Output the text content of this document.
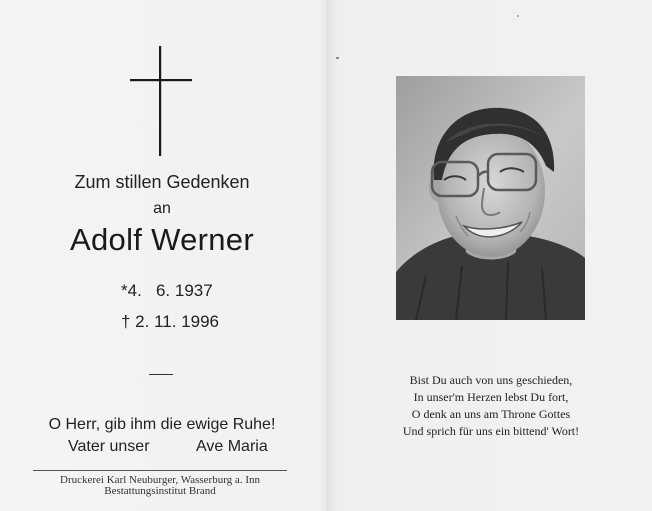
Zum stillen Gedenken
an
Adolf Werner
*4.   6. 1937
† 2. 11. 1996
O Herr, gib ihm die ewige Ruhe!
Vater unser	Ave Maria
Druckerei Karl Neuburger, Wasserburg a. Inn
Bestattungsinstitut Brand
Bist Du auch von uns geschieden,
In unser'm Herzen lebst Du fort,
O denk an uns am Throne Gottes
Und sprich für uns ein bittend' Wort!
